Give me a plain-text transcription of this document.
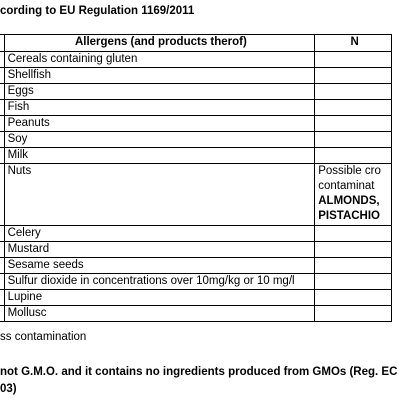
cording to EU Regulation 1169/2011

	Allergens (and products therof)	N
	Cereals containing gluten	
	Shellfish	
	Eggs	
	Fish	
	Peanuts	
	Soy	
	Milk	
	Nuts	Possible cro
contaminat
ALMONDS,
PISTACHIO

	Celery	
	Mustard	
	Sesame seeds	
	Sulfur dioxide in concentrations over 10mg/kg or 10 mg/l	
	Lupine	
	Mollusc	

ss contamination

not G.M.O. and it contains no ingredients produced from GMOs (Reg. EC
03)
